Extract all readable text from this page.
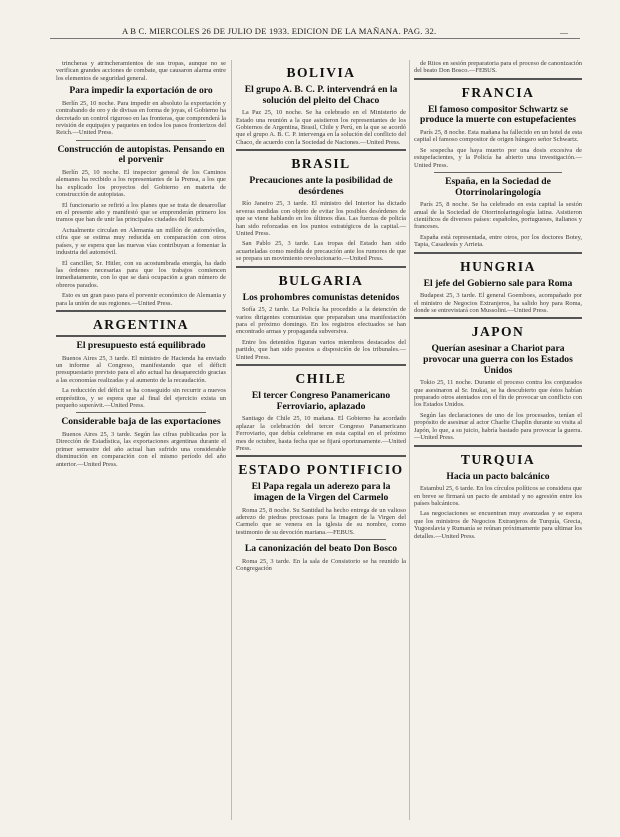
A B C. MIERCOLES 26 DE JULIO DE 1933. EDICION DE LA MAÑANA. PAG. 32.	—

trincheras y atrincheramientos de sus tropas, aunque no se verifican grandes acciones de combate, que causaron alarma entre los elementos de seguridad general.

Para impedir la exportación de oro

Berlín 25, 10 noche. Para impedir en absoluto la exportación y contrabando de oro y de divisas en forma de joyas, el Gobierno ha decretado un control riguroso en las fronteras, que comprenderá la revisión de equipajes y paquetes en todos los pasos fronterizos del Reich.—United Press.

Construcción de autopistas. Pensando en el porvenir

Berlín 25, 10 noche. El inspector general de los Caminos alemanes ha recibido a los representantes de la Prensa, a los que ha explicado los proyectos del Gobierno en materia de construcción de autopistas.

El funcionario se refirió a los planes que se trata de desarrollar en el presente año y manifestó que se emprenderán primero los tramos que han de unir las principales ciudades del Reich.

Actualmente circulan en Alemania un millón de automóviles, cifra que se estima muy reducida en comparación con otros países, y se espera que las nuevas vías contribuyan a fomentar la industria del automóvil.

El canciller, Sr. Hitler, con su acostumbrada energía, ha dado las órdenes necesarias para que los trabajos comiencen inmediatamente, con lo que se dará ocupación a gran número de obreros parados.

Esto es un gran paso para el porvenir económico de Alemania y para la unión de sus regiones.—United Press.

ARGENTINA
El presupuesto está equilibrado

Buenos Aires 25, 3 tarde. El ministro de Hacienda ha enviado un informe al Congreso, manifestando que el déficit presupuestario previsto para el año actual ha desaparecido gracias a las economías realizadas y al aumento de la recaudación.

La reducción del déficit se ha conseguido sin recurrir a nuevos empréstitos, y se espera que al final del ejercicio exista un pequeño superávit.—United Press.

Considerable baja de las exportaciones

Buenos Aires 25, 3 tarde. Según las cifras publicadas por la Dirección de Estadística, las exportaciones argentinas durante el primer semestre del año actual han sufrido una considerable disminución en comparación con el mismo período del año anterior.—United Press.

BOLIVIA
El grupo A. B. C. P. intervendrá en la solución del pleito del Chaco

La Paz 25, 10 noche. Se ha celebrado en el Ministerio de Estado una reunión a la que asistieron los representantes de los Gobiernos de Argentina, Brasil, Chile y Perú, en la que se acordó que el grupo A. B. C. P. intervenga en la solución del conflicto del Chaco, de acuerdo con la Sociedad de Naciones.—United Press.

BRASIL
Precauciones ante la posibilidad de desórdenes

Río Janeiro 25, 3 tarde. El ministro del Interior ha dictado severas medidas con objeto de evitar los posibles desórdenes de que se viene hablando en los últimos días. Las fuerzas de policía han sido reforzadas en los puntos estratégicos de la capital.—United Press.

San Pablo 25, 3 tarde. Las tropas del Estado han sido acuarteladas como medida de precaución ante los rumores de que se prepara un movimiento revolucionario.—United Press.

BULGARIA
Los prohombres comunistas detenidos

Sofía 25, 2 tarde. La Policía ha procedido a la detención de varios dirigentes comunistas que preparaban una manifestación para el próximo domingo. En los registros efectuados se han encontrado armas y propaganda subversiva.

Entre los detenidos figuran varios miembros destacados del partido, que han sido puestos a disposición de los tribunales.—United Press.

CHILE
El tercer Congreso Panamericano Ferroviario, aplazado

Santiago de Chile 25, 10 mañana. El Gobierno ha acordado aplazar la celebración del tercer Congreso Panamericano Ferroviario, que debía celebrarse en esta capital en el próximo mes de octubre, hasta fecha que se fijará oportunamente.—United Press.

ESTADO PONTIFICIO
El Papa regala un aderezo para la imagen de la Virgen del Carmelo

Roma 25, 8 noche. Su Santidad ha hecho entrega de un valioso aderezo de piedras preciosas para la imagen de la Virgen del Carmelo que se venera en la iglesia de su nombre, como testimonio de su devoción mariana.—FEBUS.

La canonización del beato Don Bosco

Roma 25, 3 tarde. En la sala de Consistorio se ha reunido la Congregación

de Ritos en sesión preparatoria para el proceso de canonización del beato Don Bosco.—FEBUS.

FRANCIA
El famoso compositor Schwartz se produce la muerte con estupefacientes

París 25, 8 noche. Esta mañana ha fallecido en un hotel de esta capital el famoso compositor de origen húngaro señor Schwartz.

Se sospecha que haya muerto por una dosis excesiva de estupefacientes, y la Policía ha abierto una investigación.—United Press.

España, en la Sociedad de Otorrinolaringología

París 25, 8 noche. Se ha celebrado en esta capital la sesión anual de la Sociedad de Otorrinolaringología latina. Asistieron científicos de diversos países: españoles, portugueses, italianos y franceses.

España está representada, entre otros, por los doctores Botey, Tapia, Casadesús y Arrieta.

HUNGRIA
El jefe del Gobierno sale para Roma

Budapest 25, 3 tarde. El general Goemboes, acompañado por el ministro de Negocios Extranjeros, ha salido hoy para Roma, donde se entrevistará con Mussolini.—United Press.

JAPON
Querían asesinar a Chariot para provocar una guerra con los Estados Unidos

Tokio 25, 11 noche. Durante el proceso contra los conjurados que asesinaron al Sr. Inukai, se ha descubierto que éstos habían preparado otros atentados con el fin de provocar un conflicto con los Estados Unidos.

Según las declaraciones de uno de los procesados, tenían el propósito de asesinar al actor Charlie Chaplin durante su visita al Japón, lo que, a su juicio, habría bastado para provocar la guerra.—United Press.

TURQUIA
Hacia un pacto balcánico

Estambul 25, 6 tarde. En los círculos políticos se considera que en breve se firmará un pacto de amistad y no agresión entre los países balcánicos.

Las negociaciones se encuentran muy avanzadas y se espera que los ministros de Negocios Extranjeros de Turquía, Grecia, Yugoeslavia y Rumanía se reúnan próximamente para ultimar los detalles.—United Press.
